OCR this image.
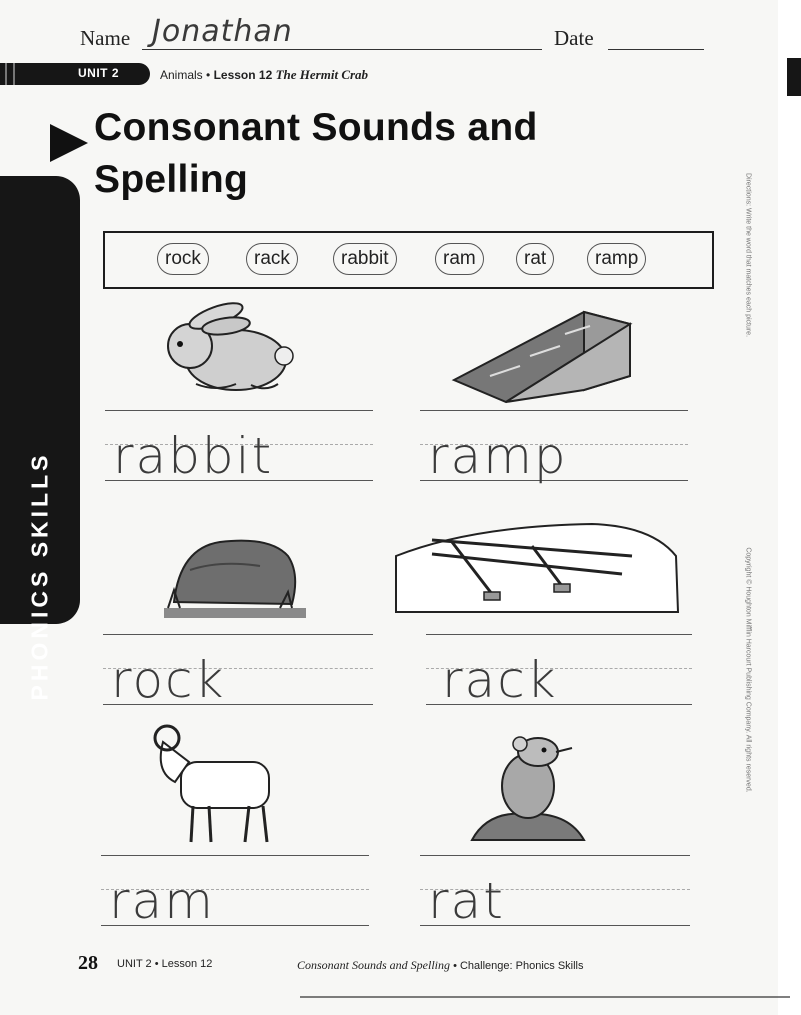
Name Jonathan	Date
UNIT 2	Animals • Lesson 12 The Hermit Crab
PHONICS SKILLS
Consonant Sounds and
Spelling
rock	rack	rabbit	ram	rat	ramp	Directions: Write the word that matches each picture.
Copyright © Houghton Mifflin Harcourt Publishing Company. All rights reserved.
rabbit	ramp
rock	rack
ram	rat
28 UNIT 2 • Lesson 12	Consonant Sounds and Spelling • Challenge: Phonics Skills
